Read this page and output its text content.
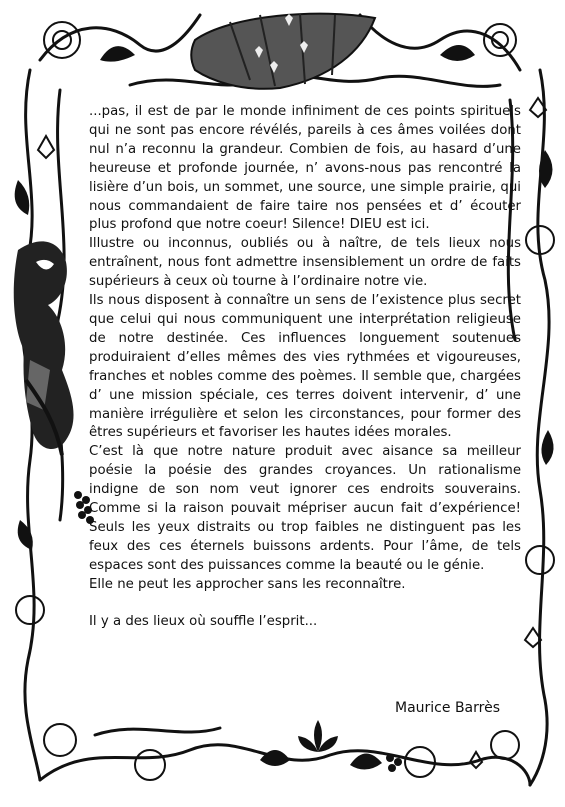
...pas, il est de par le monde infiniment de ces points spirituels qui ne sont pas encore révélés, pareils à ces âmes voilées dont nul n’a reconnu la grandeur. Combien de fois, au hasard d’une heureuse et profonde journée, n’ avons-nous pas rencontré la lisière d’un bois, un sommet, une source, une simple prairie, qui nous commandaient de faire taire nos pensées et d’ écouter plus profond que notre coeur! Silence! DIEU est ici.

Illustre ou inconnus, oubliés ou à naître, de tels lieux nous entraînent, nous font admettre insensiblement un ordre de faits supérieurs à ceux où tourne à l’ordinaire notre vie.

Ils nous disposent à connaître un sens de l’existence plus secret que celui qui nous communiquent une interprétation religieuse de notre destinée. Ces influences longuement soutenues produiraient d’elles mêmes des vies rythmées et vigoureuses, franches et nobles comme des poèmes. Il semble que, chargées d’ une mission spéciale, ces terres doivent intervenir, d’ une manière irrégulière et selon les circonstances, pour former des êtres supérieurs et favoriser les hautes idées morales.

C’est là que notre nature produit avec aisance sa meilleur poésie la poésie des grandes croyances. Un rationalisme indigne de son nom veut ignorer ces endroits souverains. Comme si la raison pouvait mépriser aucun fait d’expérience! Seuls les yeux distraits ou trop faibles ne distinguent pas les feux des ces éternels buissons ardents. Pour l’âme, de tels espaces sont des puissances comme la beauté ou le génie.

Elle ne peut les approcher sans les reconnaître.

Il y a des lieux où souffle l’esprit...

Maurice Barrès
